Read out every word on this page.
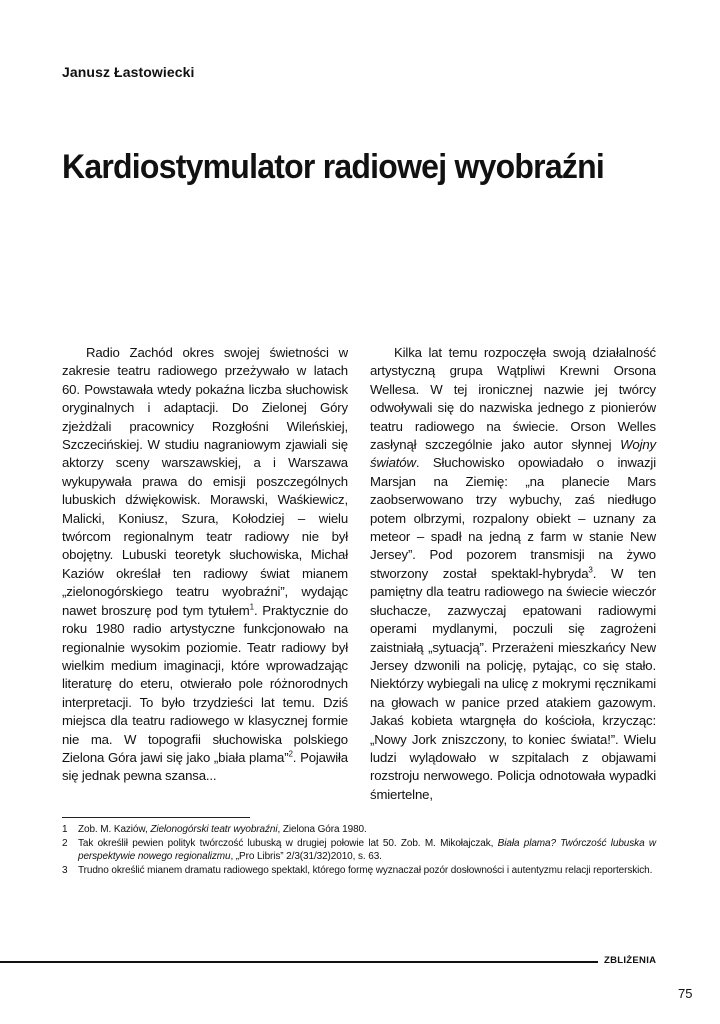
Janusz Łastowiecki
Kardiostymulator radiowej wyobraźni

Radio Zachód okres swojej świetności w zakresie teatru radiowego przeżywało w latach 60. Powstawała wtedy pokaźna liczba słuchowisk oryginalnych i adaptacji. Do Zielonej Góry zjeżdżali pracownicy Rozgłośni Wileńskiej, Szczecińskiej. W studiu nagraniowym zjawiali się aktorzy sceny warszawskiej, a i Warszawa wykupywała prawa do emisji poszczególnych lubuskich dźwiękowisk. Morawski, Waśkiewicz, Malicki, Koniusz, Szura, Kołodziej – wielu twórcom regionalnym teatr radiowy nie był obojętny. Lubuski teoretyk słuchowiska, Michał Kaziów określał ten radiowy świat mianem „zielonogórskiego teatru wyobraźni”, wydając nawet broszurę pod tym tytułem$^1$. Praktycznie do roku 1980 radio artystyczne funkcjonowało na regionalnie wysokim poziomie. Teatr radiowy był wielkim medium imaginacji, które wprowadzając literaturę do eteru, otwierało pole różnorodnych interpretacji. To było trzydzieści lat temu. Dziś miejsca dla teatru radiowego w klasycznej formie nie ma. W topografii słuchowiska polskiego Zielona Góra jawi się jako „biała plama”$^2$. Pojawiła się jednak pewna szansa...

Kilka lat temu rozpoczęła swoją działalność artystyczną grupa Wątpliwi Krewni Orsona Wellesa. W tej ironicznej nazwie jej twórcy odwoływali się do nazwiska jednego z pionierów teatru radiowego na świecie. Orson Welles zasłynął szczególnie jako autor słynnej Wojny światów. Słuchowisko opowiadało o inwazji Marsjan na Ziemię: „na planecie Mars zaobserwowano trzy wybuchy, zaś niedługo potem olbrzymi, rozpalony obiekt – uznany za meteor – spadł na jedną z farm w stanie New Jersey”. Pod pozorem transmisji na żywo stworzony został spektakl-hybryda$^3$. W ten pamiętny dla teatru radiowego na świecie wieczór słuchacze, zazwyczaj epatowani radiowymi operami mydlanymi, poczuli się zagrożeni zaistniałą „sytuacją”. Przerażeni mieszkańcy New Jersey dzwonili na policję, pytając, co się stało. Niektórzy wybiegali na ulicę z mokrymi ręcznikami na głowach w panice przed atakiem gazowym. Jakaś kobieta wtargnęła do kościoła, krzycząc: „Nowy Jork zniszczony, to koniec świata!”. Wielu ludzi wylądowało w szpitalach z objawami rozstroju nerwowego. Policja odnotowała wypadki śmiertelne,

1	Zob. M. Kaziów, Zielonogórski teatr wyobraźni, Zielona Góra 1980.
2	Tak określił pewien polityk twórczość lubuską w drugiej połowie lat 50. Zob. M. Mikołajczak, Biała plama? Twórczość lubuska w perspektywie nowego regionalizmu, „Pro Libris” 2/3(31/32)2010, s. 63.
3	Trudno określić mianem dramatu radiowego spektakl, którego formę wyznaczał pozór dosłowności i autentyzmu relacji reporterskich.
ZBLIŻENIA
75
